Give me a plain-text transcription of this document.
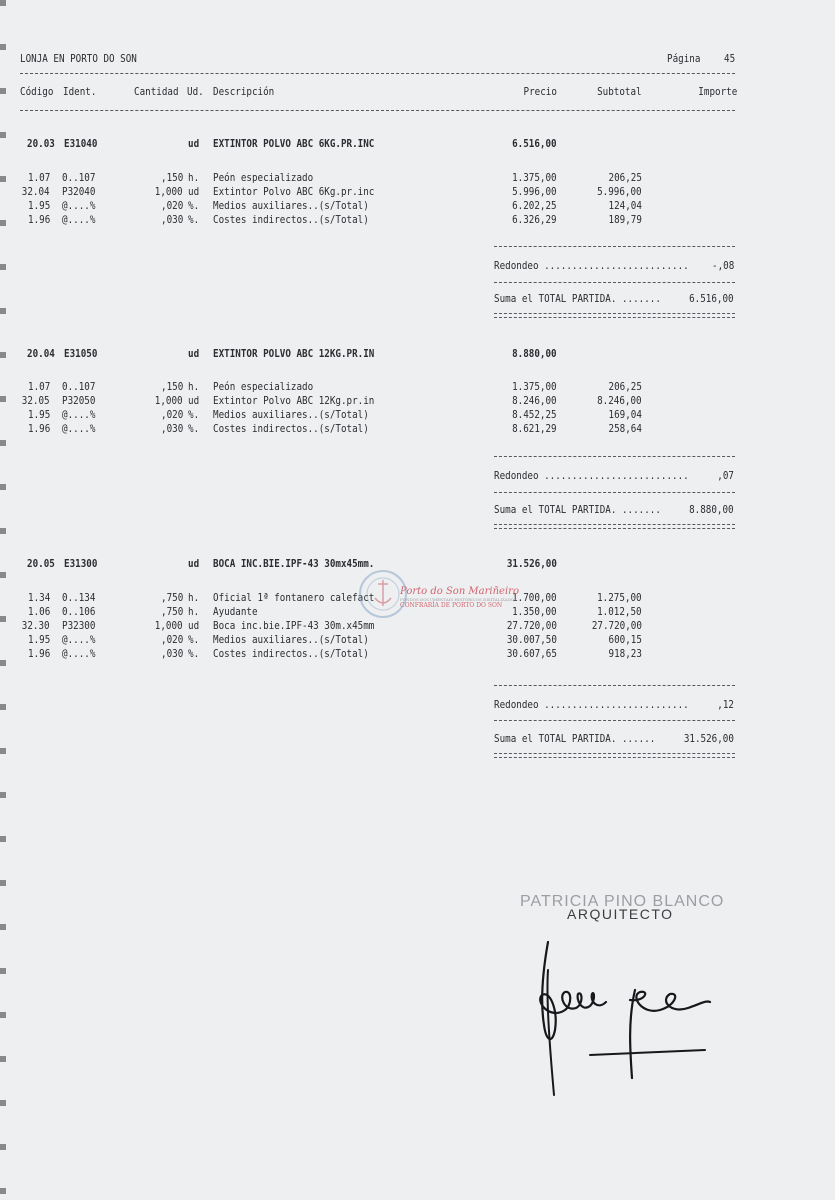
LONJA EN PORTO DO SON	Página 45
Código Ident.	Cantidad Ud. Descripción	Precio	Subtotal	Importe
20.03 E31040	ud EXTINTOR POLVO ABC 6KG.PR.INC	6.516,00
1.07 0..107	,150 h. Peón especializado	1.375,00	206,25
32.04 P32040	1,000 ud Extintor Polvo ABC 6Kg.pr.inc	5.996,00	5.996,00
1.95 @....%	,020 %. Medios auxiliares..(s/Total)	6.202,25	124,04
1.96 @....%	,030 %. Costes indirectos..(s/Total)	6.326,29	189,79
Redondeo .......................... -,08
Suma el TOTAL PARTIDA. .......	6.516,00
20.04 E31050	ud EXTINTOR POLVO ABC 12KG.PR.IN	8.880,00
1.07 0..107	,150 h. Peón especializado	1.375,00	206,25
32.05 P32050	1,000 ud Extintor Polvo ABC 12Kg.pr.in	8.246,00	8.246,00
1.95 @....%	,020 %. Medios auxiliares..(s/Total)	8.452,25	169,04
1.96 @....%	,030 %. Costes indirectos..(s/Total)	8.621,29	258,64
Redondeo ..........................	,07
Suma el TOTAL PARTIDA. .......	8.880,00
20.05 E31300	ud BOCA INC.BIE.IPF-43 30mx45mm.	31.526,00
1.34 0..134	,750 h. Oficial 1ª fontanero calefact	1.700,00	1.275,00
1.06 0..106	,750 h. Ayudante	1.350,00	1.012,50
32.30 P32300	1,000 ud Boca inc.bie.IPF-43 30m.x45mm	27.720,00	27.720,00
1.95 @....%	,020 %. Medios auxiliares..(s/Total)	30.007,50	600,15
1.96 @....%	,030 %. Costes indirectos..(s/Total)	30.607,65	918,23
Redondeo ..........................	,12
Suma el TOTAL PARTIDA. ......	31.526,00
Porto do Son Mariñeiro
FONDOS DOCUMENTAIS HISTÓRICOS DIXITALIZADOS
CONFRARÍA DE PORTO DO SON
PATRICIA PINO BLANCO
ARQUITECTO
